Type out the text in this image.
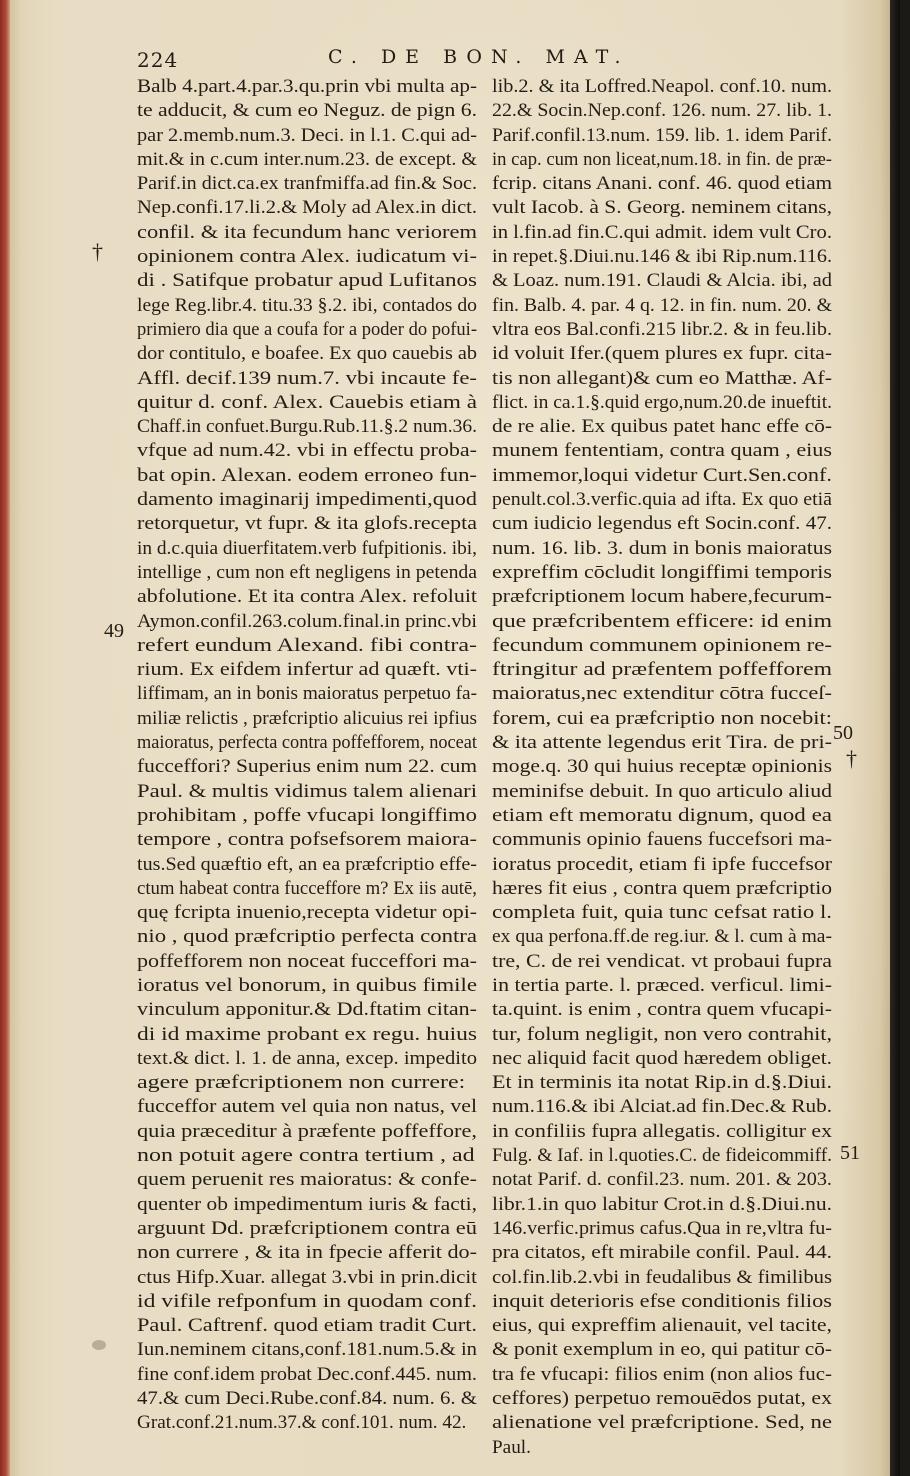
224	C. DE BON. MAT.
Balb 4.part.4.par.3.qu.prin vbi multa ap-
te adducit, & cum eo Neguz. de pign 6.
par 2.memb.num.3. Deci. in l.1. C.qui ad-
mit.& in c.cum inter.num.23. de except. &
Parif.in dict.ca.ex tranfmiffa.ad fin.& Soc.
Nep.confi.17.li.2.& Moly ad Alex.in dict.
confil. & ita fecundum hanc veriorem
opinionem contra Alex. iudicatum vi-
di . Satifque probatur apud Lufitanos
lege Reg.libr.4. titu.33 §.2. ibi, contados do
primiero dia que a coufa for a poder do pofui-
dor contitulo, e boafee. Ex quo cauebis ab
Affl. decif.139 num.7. vbi incaute fe-
quitur d. conf. Alex. Cauebis etiam à
Chaff.in confuet.Burgu.Rub.11.§.2 num.36.
vfque ad num.42. vbi in effectu proba-
bat opin. Alexan. eodem erroneo fun-
damento imaginarij impedimenti,quod
retorquetur, vt fupr. & ita glofs.recepta
in d.c.quia diuerfitatem.verb fufpitionis. ibi,
intellige , cum non eft negligens in petenda
abfolutione. Et ita contra Alex. refoluit
Aymon.confil.263.colum.final.in princ.vbi
refert eundum Alexand. fibi contra-
rium. Ex eifdem infertur ad quæft. vti-
liffimam, an in bonis maioratus perpetuo fa-
miliæ relictis , præfcriptio alicuius rei ipfius
maioratus, perfecta contra poffefforem, noceat
fucceffori? Superius enim num 22. cum
Paul. & multis vidimus talem alienari
prohibitam , poffe vfucapi longiffimo
tempore , contra pofsefsorem maiora-
tus.Sed quæftio eft, an ea præfcriptio effe-
ctum habeat contra fucceffore m? Ex iis autē,
quę fcripta inuenio,recepta videtur opi-
nio , quod præfcriptio perfecta contra
poffefforem non noceat fucceffori ma-
ioratus vel bonorum, in quibus fimile
vinculum apponitur.& Dd.ftatim citan-
di id maxime probant ex regu. huius
text.& dict. l. 1. de anna, excep. impedito
agere præfcriptionem non currere:
fucceffor autem vel quia non natus, vel
quia præceditur à præfente poffeffore,
non potuit agere contra tertium , ad
quem peruenit res maioratus: & confe-
quenter ob impedimentum iuris & facti,
arguunt Dd. præfcriptionem contra eū
non currere , & ita in fpecie afferit do-
ctus Hifp.Xuar. allegat 3.vbi in prin.dicit
id vifile refponfum in quodam conf.
Paul. Caftrenf. quod etiam tradit Curt.
Iun.neminem citans,conf.181.num.5.& in
fine conf.idem probat Dec.conf.445. num.
47.& cum Deci.Rube.conf.84. num. 6. &
Grat.conf.21.num.37.& conf.101. num. 42.
lib.2. & ita Loffred.Neapol. conf.10. num.
22.& Socin.Nep.conf. 126. num. 27. lib. 1.
Parif.confil.13.num. 159. lib. 1. idem Parif.
in cap. cum non liceat,num.18. in fin. de præ-
fcrip. citans Anani. conf. 46. quod etiam
vult Iacob. à S. Georg. neminem citans,
in l.fin.ad fin.C.qui admit. idem vult Cro.
in repet.§.Diui.nu.146 & ibi Rip.num.116.
& Loaz. num.191. Claudi & Alcia. ibi, ad
fin. Balb. 4. par. 4 q. 12. in fin. num. 20. &
vltra eos Bal.confi.215 libr.2. & in feu.lib.
id voluit Ifer.(quem plures ex fupr. cita-
tis non allegant)& cum eo Matthæ. Af-
flict. in ca.1.§.quid ergo,num.20.de inueftit.
de re alie. Ex quibus patet hanc effe cō-
munem fententiam, contra quam , eius
immemor,loqui videtur Curt.Sen.conf.
penult.col.3.verfic.quia ad ifta. Ex quo etiā
cum iudicio legendus eft Socin.conf. 47.
num. 16. lib. 3. dum in bonis maioratus
expreffim cōcludit longiffimi temporis
præfcriptionem locum habere,fecurum-
que præfcribentem efficere: id enim
fecundum communem opinionem re-
ftringitur ad præfentem poffefforem
maioratus,nec extenditur cōtra fucceſ-
forem, cui ea præfcriptio non nocebit:
& ita attente legendus erit Tira. de pri-
moge.q. 30 qui huius receptæ opinionis
meminifse debuit. In quo articulo aliud
etiam eft memoratu dignum, quod ea
communis opinio fauens fuccefsori ma-
ioratus procedit, etiam fi ipfe fuccefsor
hæres fit eius , contra quem præfcriptio
completa fuit, quia tunc cefsat ratio l.
ex qua perfona.ff.de reg.iur. & l. cum à ma-
tre, C. de rei vendicat. vt probaui fupra
in tertia parte. l. præced. verficul. limi-
ta.quint. is enim , contra quem vfucapi-
tur, folum negligit, non vero contrahit,
nec aliquid facit quod hæredem obliget.
Et in terminis ita notat Rip.in d.§.Diui.
num.116.& ibi Alciat.ad fin.Dec.& Rub.
in confiliis fupra allegatis. colligitur ex
Fulg. & Iaf. in l.quoties.C. de fideicommiff.
notat Parif. d. confil.23. num. 201. & 203.
libr.1.in quo labitur Crot.in d.§.Diui.nu.
146.verfic.primus cafus.Qua in re,vltra fu-
pra citatos, eft mirabile confil. Paul. 44.
col.fin.lib.2.vbi in feudalibus & fimilibus
inquit deterioris efse conditionis filios
eius, qui expreffim alienauit, vel tacite,
& ponit exemplum in eo, qui patitur cō-
tra fe vfucapi: filios enim (non alios fuc-
ceffores) perpetuo remouēdos putat, ex
alienatione vel præfcriptione. Sed, ne
Paul.
†
49
50
†
51
